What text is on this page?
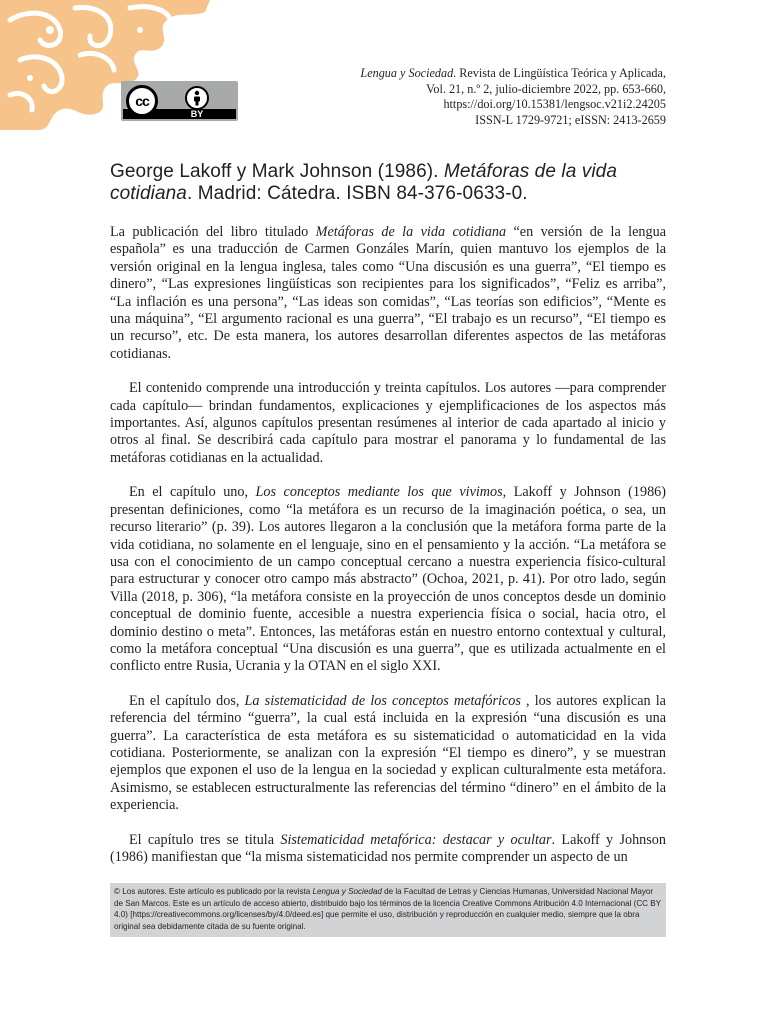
cc
BY
Lengua y Sociedad. Revista de Lingüística Teórica y Aplicada,
Vol. 21, n.º 2, julio-diciembre 2022, pp. 653-660,
https://doi.org/10.15381/lengsoc.v21i2.24205
ISSN-L 1729-9721; eISSN: 2413-2659
George Lakoff y Mark Johnson (1986). Metáforas de la vida cotidiana. Madrid: Cátedra. ISBN 84-376-0633-0.

La publicación del libro titulado Metáforas de la vida cotidiana “en versión de la lengua española” es una traducción de Carmen Gonzáles Marín, quien mantuvo los ejemplos de la versión original en la lengua inglesa, tales como “Una discusión es una guerra”, “El tiempo es dinero”, “Las expresiones lingüísticas son recipientes para los significados”, “Feliz es arriba”, “La inflación es una persona”, “Las ideas son comidas”, “Las teorías son edificios”, “Mente es una máquina”, “El argumento racional es una guerra”, “El trabajo es un recurso”, “El tiempo es un recurso”, etc. De esta manera, los autores desarrollan diferentes aspectos de las metáforas cotidianas.

El contenido comprende una introducción y treinta capítulos. Los autores —para comprender cada capítulo— brindan fundamentos, explicaciones y ejemplificaciones de los aspectos más importantes. Así, algunos capítulos presentan resúmenes al interior de cada apartado al inicio y otros al final. Se describirá cada capítulo para mostrar el panorama y lo fundamental de las metáforas cotidianas en la actualidad.

En el capítulo uno, Los conceptos mediante los que vivimos, Lakoff y Johnson (1986) presentan definiciones, como “la metáfora es un recurso de la imaginación poética, o sea, un recurso literario” (p. 39). Los autores llegaron a la conclusión que la metáfora forma parte de la vida cotidiana, no solamente en el lenguaje, sino en el pensamiento y la acción. “La metáfora se usa con el conocimiento de un campo conceptual cercano a nuestra experiencia físico-cultural para estructurar y conocer otro campo más abstracto” (Ochoa, 2021, p. 41). Por otro lado, según Villa (2018, p. 306), “la metáfora consiste en la proyección de unos conceptos desde un dominio conceptual de dominio fuente, accesible a nuestra experiencia física o social, hacia otro, el dominio destino o meta”. Entonces, las metáforas están en nuestro entorno contextual y cultural, como la metáfora conceptual “Una discusión es una guerra”, que es utilizada actualmente en el conflicto entre Rusia, Ucrania y la OTAN en el siglo XXI.

En el capítulo dos, La sistematicidad de los conceptos metafóricos , los autores explican la referencia del término “guerra”, la cual está incluida en la expresión “una discusión es una guerra”. La característica de esta metáfora es su sistematicidad o automaticidad en la vida cotidiana. Posteriormente, se analizan con la expresión “El tiempo es dinero”, y se muestran ejemplos que exponen el uso de la lengua en la sociedad y explican culturalmente esta metáfora. Asimismo, se establecen estructuralmente las referencias del término “dinero” en el ámbito de la experiencia.

El capítulo tres se titula Sistematicidad metafórica: destacar y ocultar. Lakoff y Johnson (1986) manifiestan que “la misma sistematicidad nos permite comprender un aspecto de un

© Los autores. Este artículo es publicado por la revista Lengua y Sociedad de la Facultad de Letras y Ciencias Humanas, Universidad Nacional Mayor de San Marcos. Este es un artículo de acceso abierto, distribuido bajo los términos de la licencia Creative Commons Atribución 4.0 Internacional (CC BY 4.0) [https://creativecommons.org/licenses/by/4.0/deed.es] que permite el uso, distribución y reproducción en cualquier medio, siempre que la obra original sea debidamente citada de su fuente original.
